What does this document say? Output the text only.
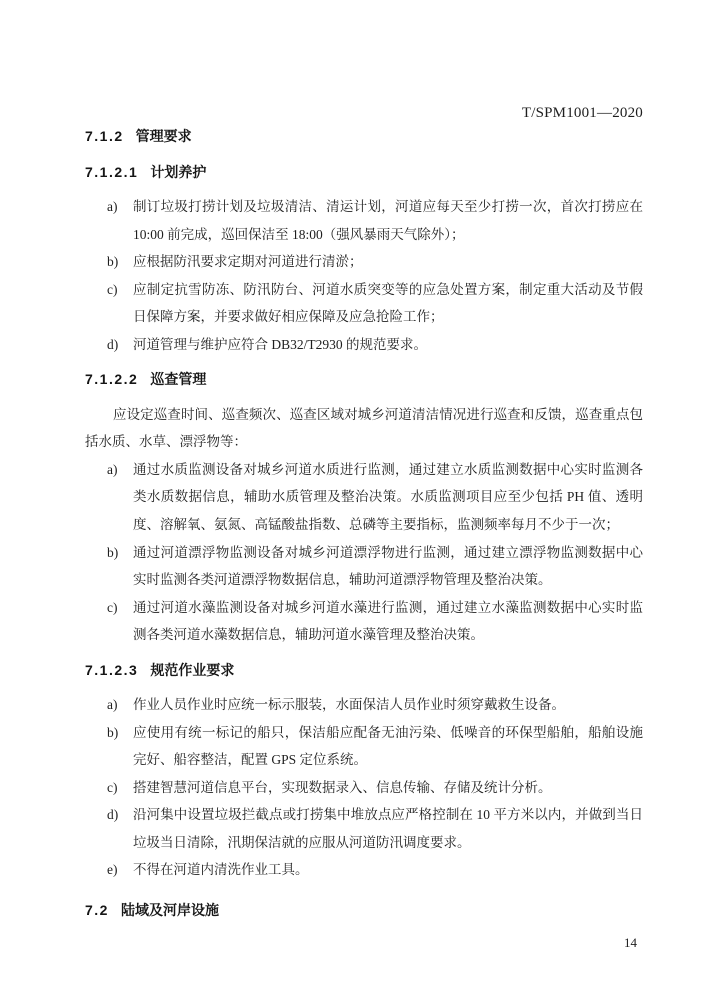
T/SPM1001—2020
7.1.2 管理要求
7.1.2.1 计划养护
a)	制订垃圾打捞计划及垃圾清洁、清运计划，河道应每天至少打捞一次，首次打捞应在 10:00 前完成，巡回保洁至 18:00（强风暴雨天气除外）；
b)	应根据防汛要求定期对河道进行清淤；
c)	应制定抗雪防冻、防汛防台、河道水质突变等的应急处置方案，制定重大活动及节假日保障方案，并要求做好相应保障及应急抢险工作；
d)	河道管理与维护应符合 DB32/T2930 的规范要求。
7.1.2.2 巡查管理
应设定巡查时间、巡查频次、巡查区域对城乡河道清洁情况进行巡查和反馈，巡查重点包括水质、水草、漂浮物等：
a)	通过水质监测设备对城乡河道水质进行监测，通过建立水质监测数据中心实时监测各类水质数据信息，辅助水质管理及整治决策。水质监测项目应至少包括 PH 值、透明度、溶解氧、氨氮、高锰酸盐指数、总磷等主要指标，监测频率每月不少于一次；
b)	通过河道漂浮物监测设备对城乡河道漂浮物进行监测，通过建立漂浮物监测数据中心实时监测各类河道漂浮物数据信息，辅助河道漂浮物管理及整治决策。
c)	通过河道水藻监测设备对城乡河道水藻进行监测，通过建立水藻监测数据中心实时监测各类河道水藻数据信息，辅助河道水藻管理及整治决策。
7.1.2.3 规范作业要求
a)	作业人员作业时应统一标示服装，水面保洁人员作业时须穿戴救生设备。
b)	应使用有统一标记的船只，保洁船应配备无油污染、低噪音的环保型船舶，船舶设施完好、船容整洁，配置 GPS 定位系统。
c)	搭建智慧河道信息平台，实现数据录入、信息传输、存储及统计分析。
d)	沿河集中设置垃圾拦截点或打捞集中堆放点应严格控制在 10 平方米以内，并做到当日垃圾当日清除，汛期保洁就的应服从河道防汛调度要求。
e)	不得在河道内清洗作业工具。
7.2 陆域及河岸设施
14
